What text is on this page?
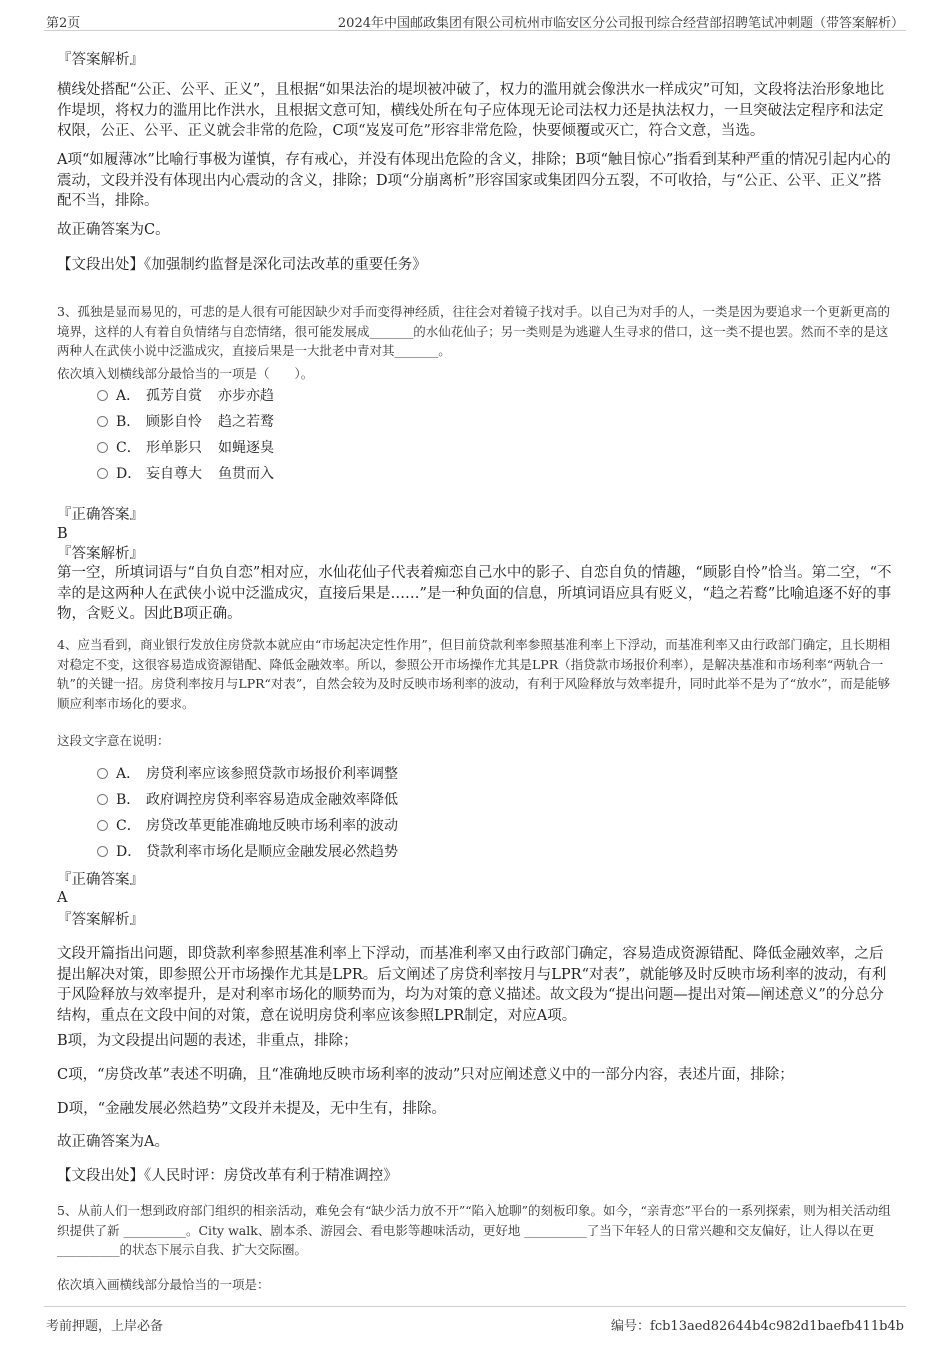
第2页	2024年中国邮政集团有限公司杭州市临安区分公司报刊综合经营部招聘笔试冲刺题（带答案解析）
『答案解析』
横线处搭配“公正、公平、正义”，且根据“如果法治的堤坝被冲破了，权力的滥用就会像洪水一样成灾”可知，文段将法治形象地比作堤坝，将权力的滥用比作洪水，且根据文意可知，横线处所在句子应体现无论司法权力还是执法权力，一旦突破法定程序和法定权限，公正、公平、正义就会非常的危险，C项“岌岌可危”形容非常危险，快要倾覆或灭亡，符合文意，当选。
A项“如履薄冰”比喻行事极为谨慎，存有戒心，并没有体现出危险的含义，排除；B项“触目惊心”指看到某种严重的情况引起内心的震动，文段并没有体现出内心震动的含义，排除；D项“分崩离析”形容国家或集团四分五裂，不可收拾，与“公正、公平、正义”搭配不当，排除。
故正确答案为C。
【文段出处】《加强制约监督是深化司法改革的重要任务》
3、孤独是显而易见的，可悲的是人很有可能因缺少对手而变得神经质，往往会对着镜子找对手。以自己为对手的人，一类是因为要追求一个更新更高的境界，这样的人有着自负情绪与自恋情绪，很可能发展成_______的水仙花仙子；另一类则是为逃避人生寻求的借口，这一类不提也罢。然而不幸的是这两种人在武侠小说中泛滥成灾，直接后果是一大批老中青对其_______。
依次填入划横线部分最恰当的一项是（　　）。
A． 孤芳自赏 亦步亦趋
B． 顾影自怜 趋之若鹜
C． 形单影只 如蝇逐臭
D． 妄自尊大 鱼贯而入
『正确答案』
B
『答案解析』
第一空，所填词语与“自负自恋”相对应，水仙花仙子代表着痴恋自己水中的影子、自恋自负的情趣，“顾影自怜”恰当。第二空，“不幸的是这两种人在武侠小说中泛滥成灾，直接后果是……”是一种负面的信息，所填词语应具有贬义，“趋之若鹜”比喻追逐不好的事物，含贬义。因此B项正确。
4、应当看到，商业银行发放住房贷款本就应由“市场起决定性作用”，但目前贷款利率参照基准利率上下浮动，而基准利率又由行政部门确定，且长期相对稳定不变，这很容易造成资源错配、降低金融效率。所以，参照公开市场操作尤其是LPR（指贷款市场报价利率），是解决基准和市场利率“两轨合一轨”的关键一招。房贷利率按月与LPR“对表”，自然会较为及时反映市场利率的波动，有利于风险释放与效率提升，同时此举不是为了“放水”，而是能够顺应利率市场化的要求。
这段文字意在说明：
A． 房贷利率应该参照贷款市场报价利率调整
B． 政府调控房贷利率容易造成金融效率降低
C． 房贷改革更能准确地反映市场利率的波动
D． 贷款利率市场化是顺应金融发展必然趋势
『正确答案』
A
『答案解析』
文段开篇指出问题，即贷款利率参照基准利率上下浮动，而基准利率又由行政部门确定，容易造成资源错配、降低金融效率，之后提出解决对策，即参照公开市场操作尤其是LPR。后文阐述了房贷利率按月与LPR“对表”，就能够及时反映市场利率的波动，有利于风险释放与效率提升，是对利率市场化的顺势而为，均为对策的意义描述。故文段为“提出问题—提出对策—阐述意义”的分总分结构，重点在文段中间的对策，意在说明房贷利率应该参照LPR制定，对应A项。
B项，为文段提出问题的表述，非重点，排除；
C项，“房贷改革”表述不明确，且“准确地反映市场利率的波动”只对应阐述意义中的一部分内容，表述片面，排除；
D项，“金融发展必然趋势”文段并未提及，无中生有，排除。
故正确答案为A。
【文段出处】《人民时评：房贷改革有利于精准调控》
5、从前人们一想到政府部门组织的相亲活动，难免会有“缺少活力放不开”“陷入尬聊”的刻板印象。如今，“亲青恋”平台的一系列探索，则为相关活动组织提供了新 __________。City walk、剧本杀、游园会、看电影等趣味活动，更好地 __________了当下年轻人的日常兴趣和交友偏好，让人得以在更 __________的状态下展示自我、扩大交际圈。
依次填入画横线部分最恰当的一项是：
考前押题，上岸必备	编号：fcb13aed82644b4c982d1baefb411b4b
